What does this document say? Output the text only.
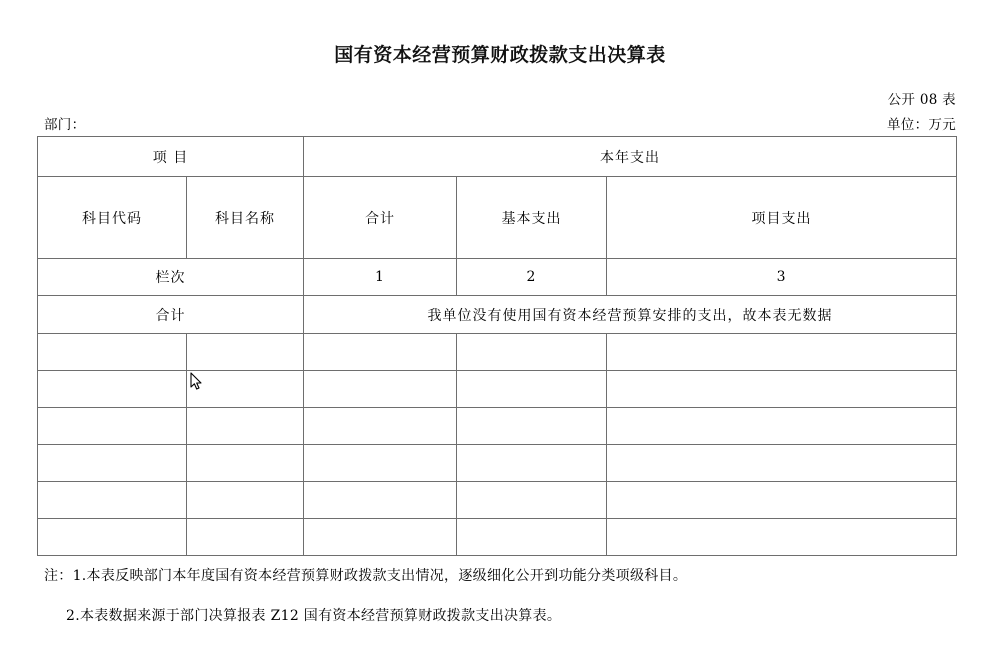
国有资本经营预算财政拨款支出决算表
公开 08 表
部门：	单位：万元
项 目		本年支出		
科目代码	科目名称	合计	基本支出	项目支出
栏次		1	2	3
合计		我单位没有使用国有资本经营预算安排的支出，故本表无数据		

注：1.本表反映部门本年度国有资本经营预算财政拨款支出情况，逐级细化公开到功能分类项级科目。
2.本表数据来源于部门决算报表 Z12 国有资本经营预算财政拨款支出决算表。
